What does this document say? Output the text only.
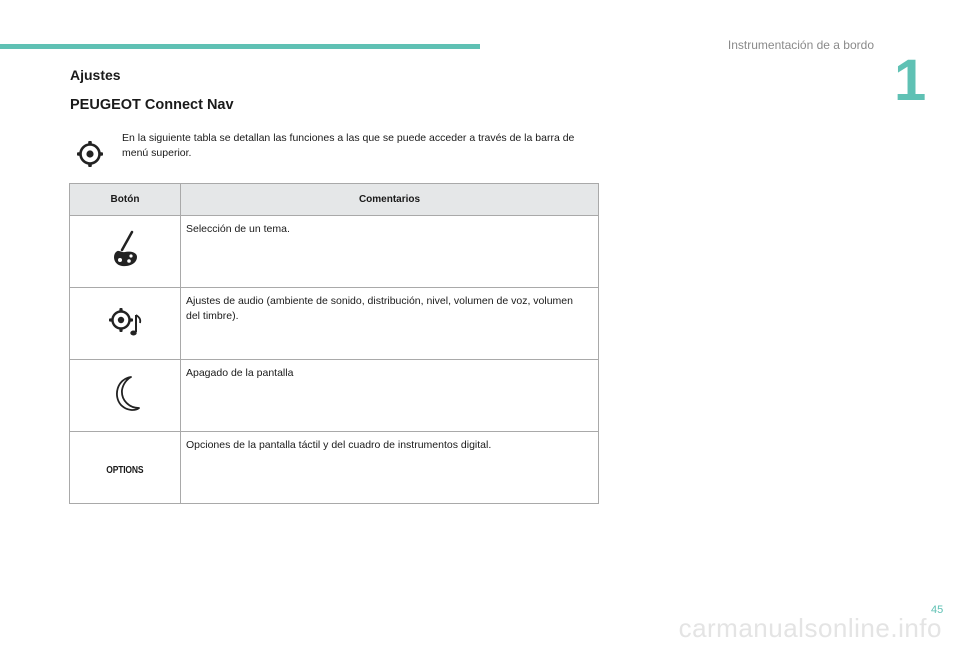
Instrumentación de a bordo
1
Ajustes
PEUGEOT Connect Nav
En la siguiente tabla se detallan las funciones a las que se puede acceder a través de la barra de menú superior.
Botón	Comentarios
	Selección de un tema.
	Ajustes de audio (ambiente de sonido, distribución, nivel, volumen de voz, volumen del timbre).
	Apagado de la pantalla
OPTIONS	Opciones de la pantalla táctil y del cuadro de instrumentos digital.
45
carmanualsonline.info
